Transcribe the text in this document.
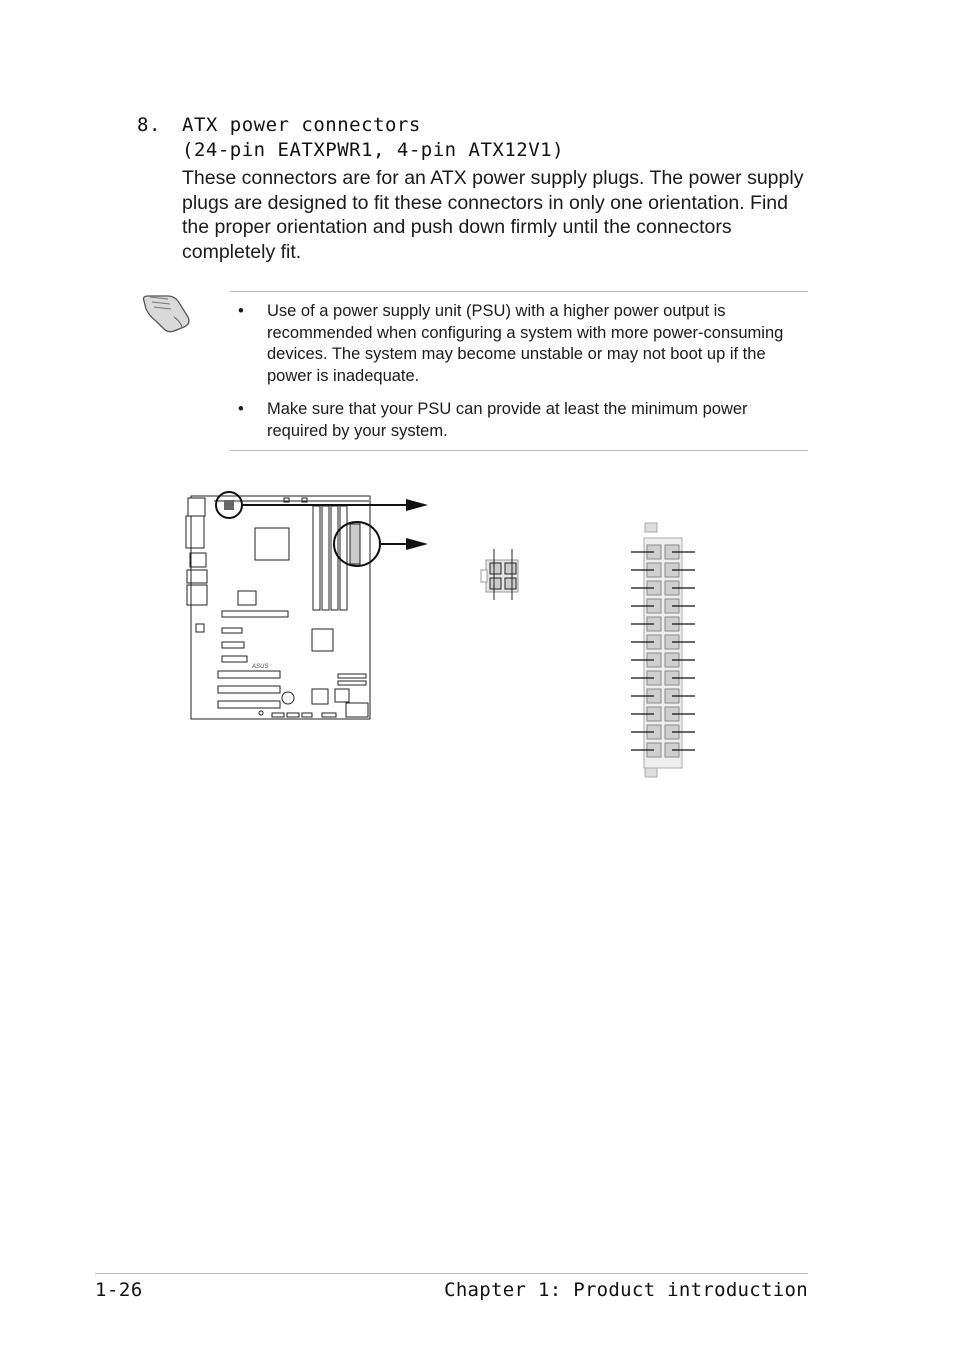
8. ATX power connectors
(24-pin EATXPWR1, 4-pin ATX12V1)
These connectors are for an ATX power supply plugs. The power supply plugs are designed to fit these connectors in only one orientation. Find the proper orientation and push down firmly until the connectors completely fit.
• Use of a power supply unit (PSU) with a higher power output is recommended when configuring a system with more power-consuming devices. The system may become unstable or may not boot up if the power is inadequate.
• Make sure that your PSU can provide at least the minimum power required by your system.
ASUS
1-26	Chapter 1: Product introduction
